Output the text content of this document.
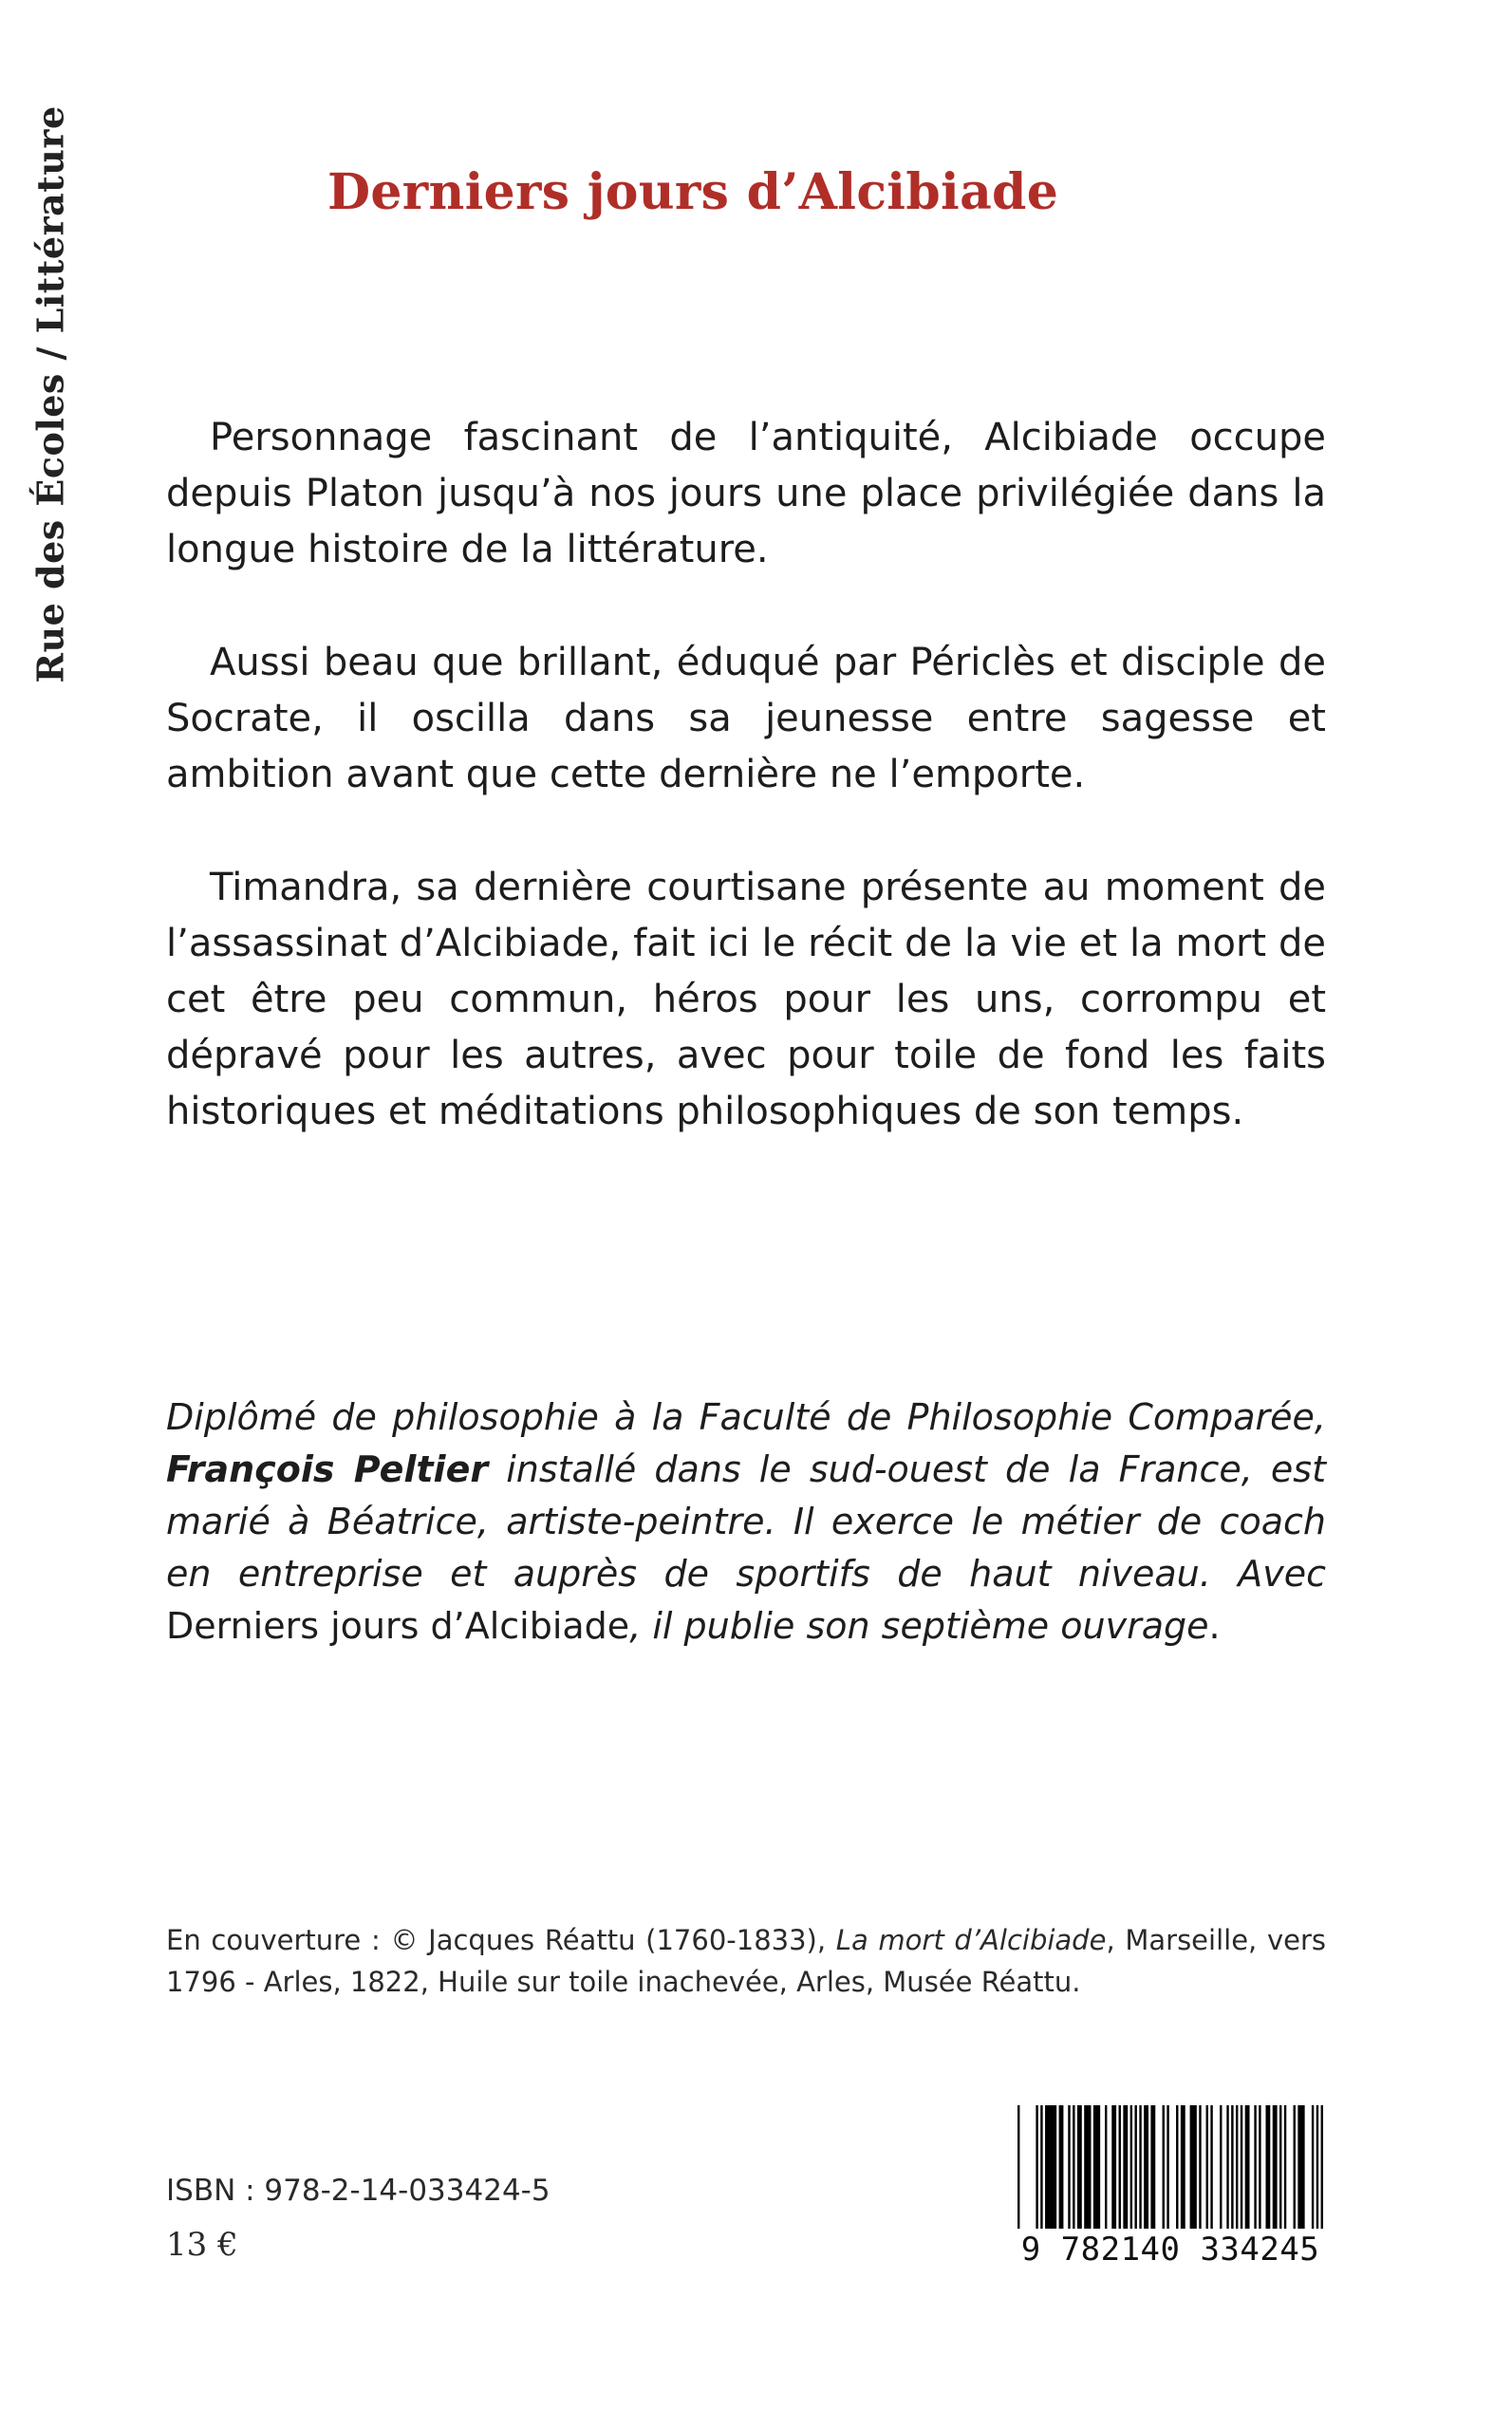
Rue des Écoles / Littérature	Derniers jours d’Alcibiade

Personnage fascinant de l’antiquité, Alcibiade occupe depuis Platon jusqu’à nos jours une place privilégiée dans la longue histoire de la littérature.

Aussi beau que brillant, éduqué par Périclès et disciple de Socrate, il oscilla dans sa jeunesse entre sagesse et ambition avant que cette dernière ne l’emporte.

Timandra, sa dernière courtisane présente au moment de l’assassinat d’Alcibiade, fait ici le récit de la vie et la mort de cet être peu commun, héros pour les uns, corrompu et dépravé pour les autres, avec pour toile de fond les faits historiques et méditations philosophiques de son temps.

Diplômé de philosophie à la Faculté de Philosophie Comparée, François Peltier installé dans le sud-ouest de la France, est marié à Béatrice, artiste-peintre. Il exerce le métier de coach en entreprise et auprès de sportifs de haut niveau. Avec Derniers jours d’Alcibiade, il publie son septième ouvrage.

En couverture : © Jacques Réattu (1760-1833), La mort d’Alcibiade, Marseille, vers 1796 - Arles, 1822, Huile sur toile inachevée, Arles, Musée Réattu.

ISBN : 978-2-14-033424-5
13 €	9 782140 334245
